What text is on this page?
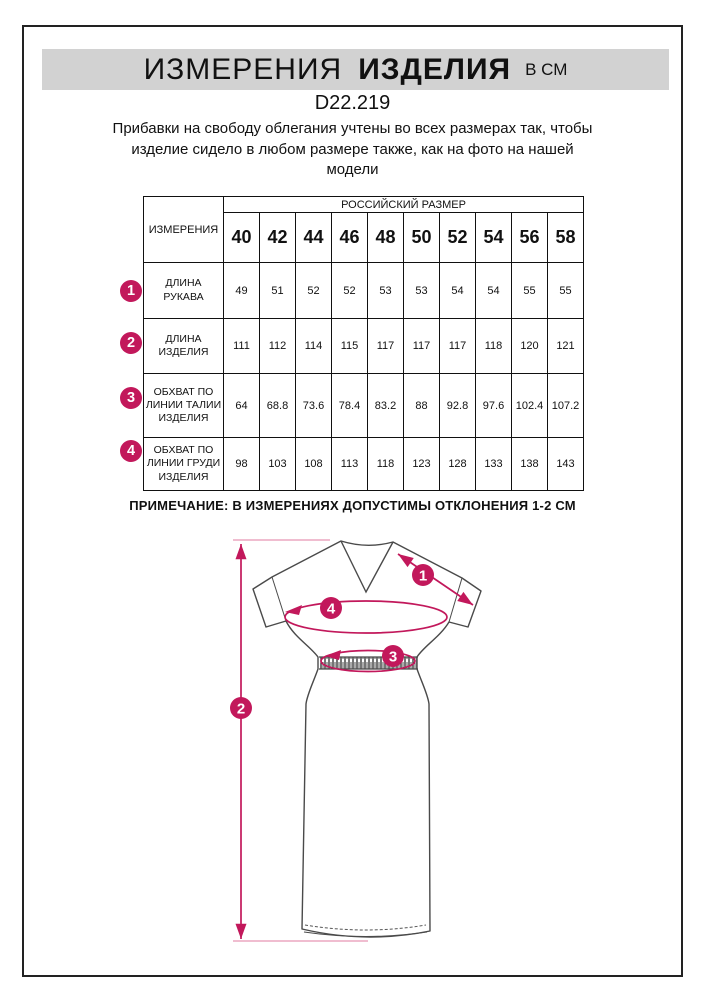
ИЗМЕРЕНИЯ ИЗДЕЛИЯ В СМ
D22.219
Прибавки на свободу облегания учтены во всех размерах так, чтобы
изделие сидело в любом размере также, как на фото на нашей
модели
ИЗМЕРЕНИЯ	РОССИЙСКИЙ РАЗМЕР									
	40	42	44	46	48	50	52	54	56	58
ДЛИНА РУКАВА	49	51	52	52	53	53	54	54	55	55
ДЛИНА ИЗДЕЛИЯ	111	112	114	115	117	117	117	118	120	121
ОБХВАТ ПО ЛИНИИ ТАЛИИ ИЗДЕЛИЯ	64	68.8	73.6	78.4	83.2	88	92.8	97.6	102.4	107.2
ОБХВАТ ПО ЛИНИИ ГРУДИ ИЗДЕЛИЯ	98	103	108	113	118	123	128	133	138	143
1
2
3
4
ПРИМЕЧАНИЕ: В ИЗМЕРЕНИЯХ ДОПУСТИМЫ ОТКЛОНЕНИЯ 1-2 СМ
1
2
3
4
